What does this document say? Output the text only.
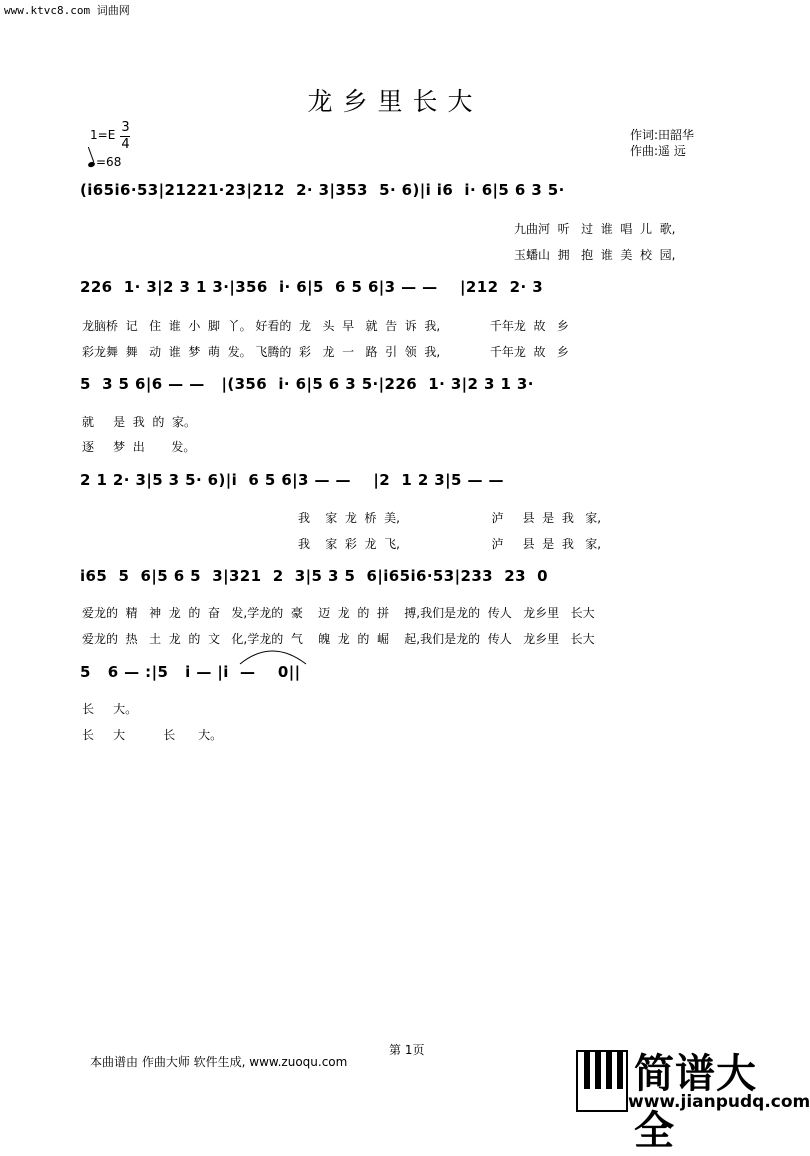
www.ktvc8.com 词曲网
龙乡里长大
1=E 3
4
=68
作词:田韶华
作曲:遥 远
(i65i6·53|21221·23|212  2· 3|353  5· 6)|i i6  i· 6|5 6 3 5·
九曲河  听   过  谁  唱  儿  歌,
玉蟠山  拥   抱  谁  美  校  园,
226  1· 3|2 3 1 3·|356  i· 6|5  6 5 6|3 — —    |212  2· 3
龙脑桥  记   住  谁  小  脚  丫。 好看的  龙   头  早   就  告  诉  我,             千年龙  故   乡
彩龙舞  舞   动  谁  梦  萌  发。 飞腾的  彩   龙  一   路  引  领  我,             千年龙  故   乡
5  3 5 6|6 — —   |(356  i· 6|5 6 3 5·|226  1· 3|2 3 1 3·
就     是  我  的  家。
逐     梦  出       发。
2 1 2· 3|5 3 5· 6)|i  6 5 6|3 — —    |2  1 2 3|5 — —
我    家  龙  桥  美,                        泸     县  是  我   家,
我    家  彩  龙  飞,                        泸     县  是  我   家,
i65  5  6|5 6 5  3|321  2  3|5 3 5  6|i65i6·53|233  23  0
爱龙的  精   神  龙  的  奋   发,学龙的  豪    迈  龙  的  拼    搏,我们是龙的  传人   龙乡里   长大
爱龙的  热   土  龙  的  文   化,学龙的  气    魄  龙  的  崛    起,我们是龙的  传人   龙乡里   长大
5   6 — :|5   i — |i  —    0||
长     大。
长     大          长      大。
第 1页
本曲谱由 作曲大师 软件生成, www.zuoqu.com	简谱大全
www.jianpudq.com
